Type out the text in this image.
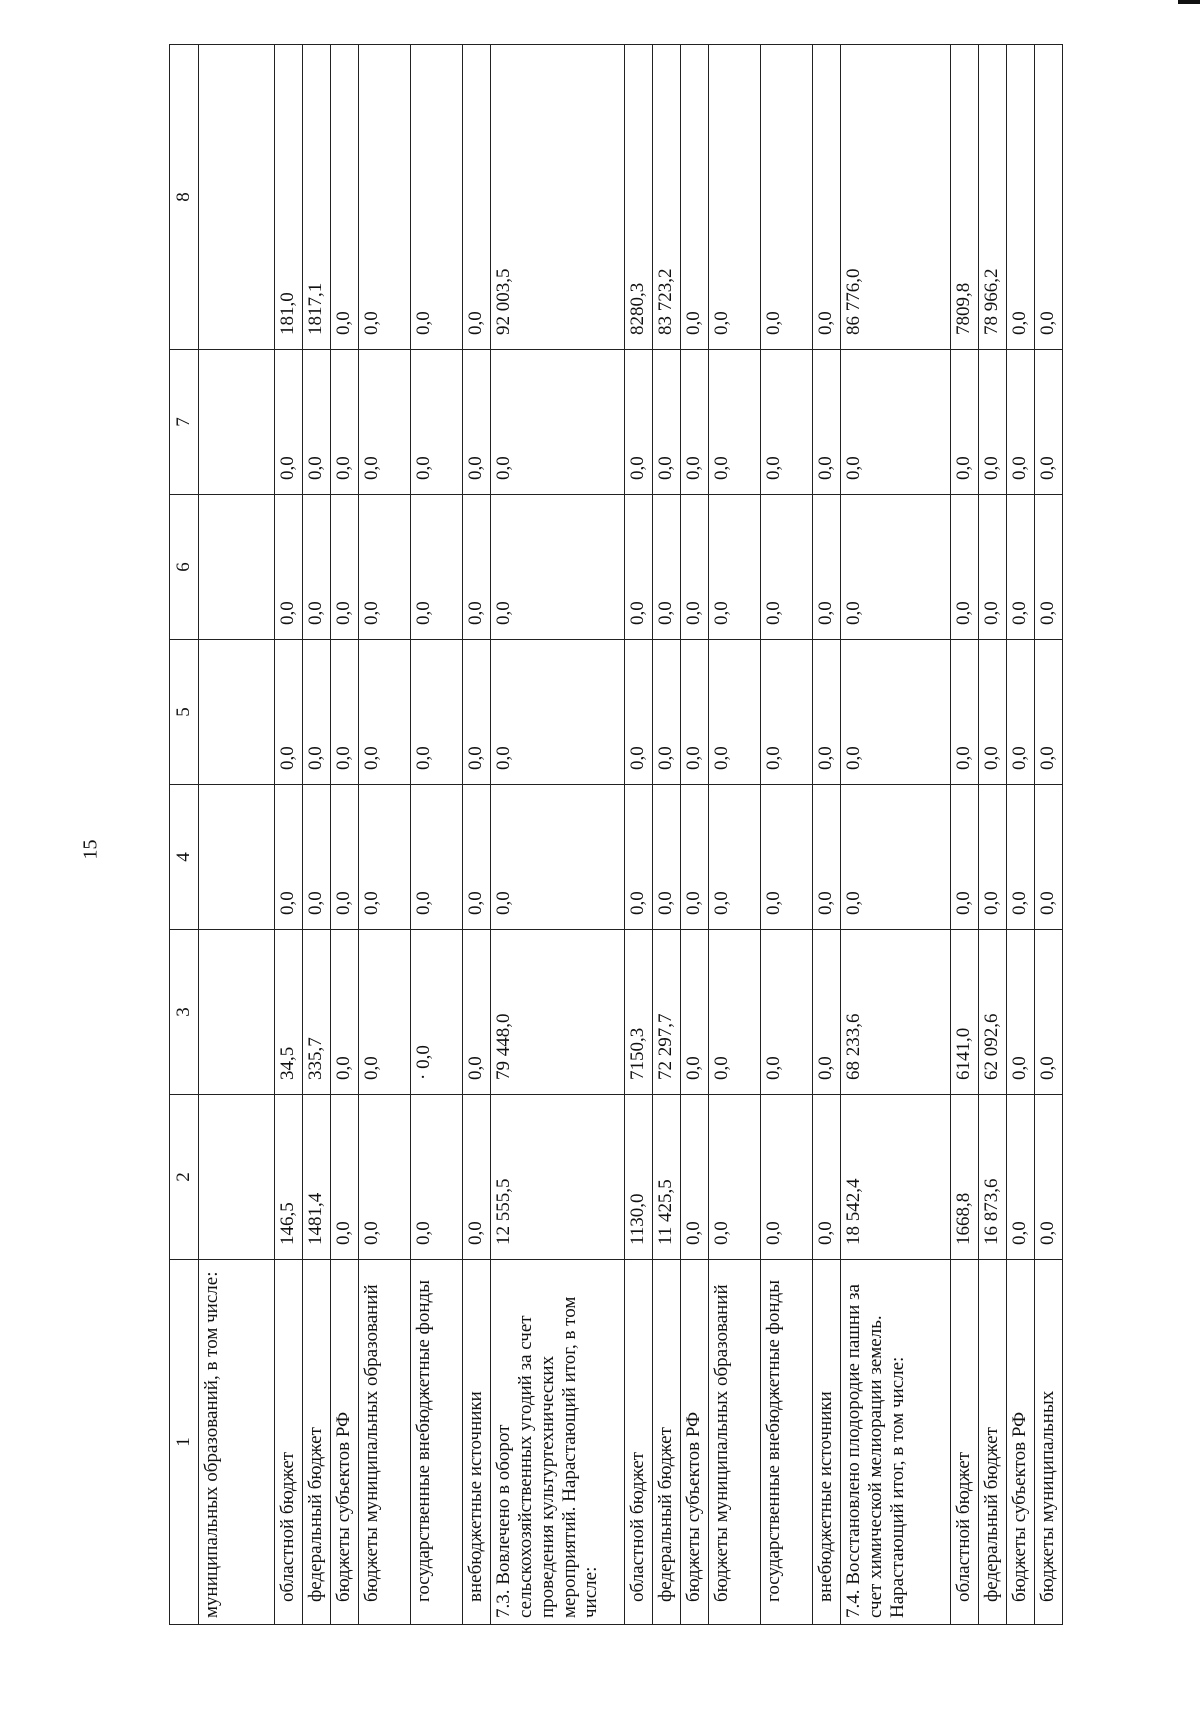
15
1	2	3	4	5	6	7	8
муниципальных образований, в том числе:							
областной бюджет	146,5	34,5	0,0	0,0	0,0	0,0	181,0
федеральный бюджет	1481,4	335,7	0,0	0,0	0,0	0,0	1817,1
бюджеты субъектов РФ	0,0	0,0	0,0	0,0	0,0	0,0	0,0
бюджеты муниципальных образований	0,0	0,0	0,0	0,0	0,0	0,0	0,0
государственные внебюджетные фонды	0,0	· 0,0	0,0	0,0	0,0	0,0	0,0
внебюджетные источники	0,0	0,0	0,0	0,0	0,0	0,0	0,0
7.3. Вовлечено в оборот сельскохозяйственных угодий за счет проведения культуртехнических мероприятий. Нарастающий итог, в том числе:	12 555,5	79 448,0	0,0	0,0	0,0	0,0	92 003,5
областной бюджет	1130,0	7150,3	0,0	0,0	0,0	0,0	8280,3
федеральный бюджет	11 425,5	72 297,7	0,0	0,0	0,0	0,0	83 723,2
бюджеты субъектов РФ	0,0	0,0	0,0	0,0	0,0	0,0	0,0
бюджеты муниципальных образований	0,0	0,0	0,0	0,0	0,0	0,0	0,0
государственные внебюджетные фонды	0,0	0,0	0,0	0,0	0,0	0,0	0,0
внебюджетные источники	0,0	0,0	0,0	0,0	0,0	0,0	0,0
7.4. Восстановлено плодородие пашни за счет химической мелиорации земель. Нарастающий итог, в том числе:	18 542,4	68 233,6	0,0	0,0	0,0	0,0	86 776,0
областной бюджет	1668,8	6141,0	0,0	0,0	0,0	0,0	7809,8
федеральный бюджет	16 873,6	62 092,6	0,0	0,0	0,0	0,0	78 966,2
бюджеты субъектов РФ	0,0	0,0	0,0	0,0	0,0	0,0	0,0
бюджеты муниципальных	0,0	0,0	0,0	0,0	0,0	0,0	0,0
